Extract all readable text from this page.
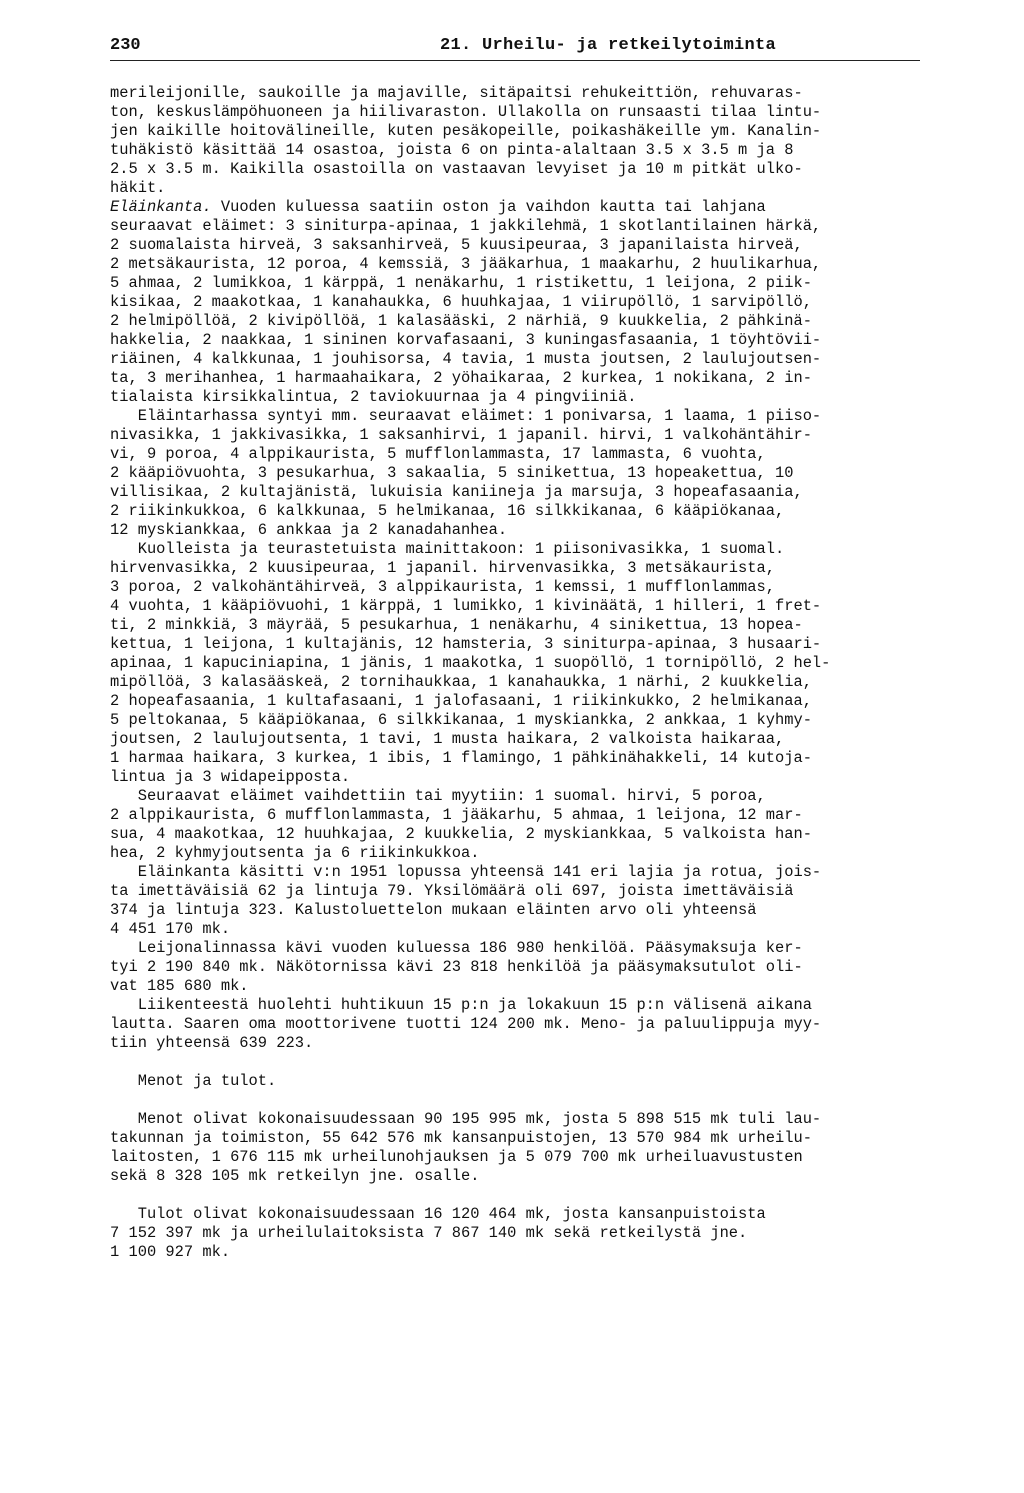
230	21. Urheilu- ja retkeilytoiminta
merileijonille, saukoille ja majaville, sitäpaitsi rehukeittiön, rehuvaras-
ton, keskuslämpöhuoneen ja hiilivaraston. Ullakolla on runsaasti tilaa lintu-
jen kaikille hoitovälineille, kuten pesäkopeille, poikashäkeille ym. Kanalin-
tuhäkistö käsittää 14 osastoa, joista 6 on pinta-alaltaan 3.5 x 3.5 m ja 8
2.5 x 3.5 m. Kaikilla osastoilla on vastaavan levyiset ja 10 m pitkät ulko-
häkit.
Eläinkanta. Vuoden kuluessa saatiin oston ja vaihdon kautta tai lahjana
seuraavat eläimet: 3 siniturpa-apinaa, 1 jakkilehmä, 1 skotlantilainen härkä,
2 suomalaista hirveä, 3 saksanhirveä, 5 kuusipeuraa, 3 japanilaista hirveä,
2 metsäkaurista, 12 poroa, 4 kemssiä, 3 jääkarhua, 1 maakarhu, 2 huulikarhua,
5 ahmaa, 2 lumikkoa, 1 kärppä, 1 nenäkarhu, 1 ristikettu, 1 leijona, 2 piik-
kisikaa, 2 maakotkaa, 1 kanahaukka, 6 huuhkajaa, 1 viirupöllö, 1 sarvipöllö,
2 helmipöllöä, 2 kivipöllöä, 1 kalasääski, 2 närhiä, 9 kuukkelia, 2 pähkinä-
hakkelia, 2 naakkaa, 1 sininen korvafasaani, 3 kuningasfasaania, 1 töyhtövii-
riäinen, 4 kalkkunaa, 1 jouhisorsa, 4 tavia, 1 musta joutsen, 2 laulujoutsen-
ta, 3 merihanhea, 1 harmaahaikara, 2 yöhaikaraa, 2 kurkea, 1 nokikana, 2 in-
tialaista kirsikkalintua, 2 taviokuurnaa ja 4 pingviiniä.
Eläintarhassa syntyi mm. seuraavat eläimet: 1 ponivarsa, 1 laama, 1 piiso-
nivasikka, 1 jakkivasikka, 1 saksanhirvi, 1 japanil. hirvi, 1 valkohäntähir-
vi, 9 poroa, 4 alppikauristа, 5 mufflonlammasta, 17 lammasta, 6 vuohta,
2 kääpiövuohta, 3 pesukarhua, 3 sakaalia, 5 sinikettua, 13 hopeakettua, 10
villisikaa, 2 kultajänistä, lukuisia kaniineja ja marsuja, 3 hopeafasaania,
2 riikinkukkoa, 6 kalkkunaa, 5 helmikanaa, 16 silkkikanaa, 6 kääpiökanaa,
12 myskiankkaa, 6 ankkaa ja 2 kanadahanhea.
Kuolleista ja teurastetuista mainittakoon: 1 piisonivasikka, 1 suomal.
hirvenvasikka, 2 kuusipeuraa, 1 japanil. hirvenvasikka, 3 metsäkauristа,
3 poroa, 2 valkohäntähirveä, 3 alppikauristа, 1 kemssi, 1 mufflonlammas,
4 vuohta, 1 kääpiövuohi, 1 kärppä, 1 lumikko, 1 kivinäätä, 1 hilleri, 1 fret-
ti, 2 minkkiä, 3 mäyrää, 5 pesukarhua, 1 nenäkarhu, 4 sinikettua, 13 hopea-
kettua, 1 leijona, 1 kultajänis, 12 hamsteria, 3 siniturpa-apinaa, 3 husaari-
apinaa, 1 kapuciniapina, 1 jänis, 1 maakotka, 1 suopöllö, 1 tornipöllö, 2 hel-
mipöllöä, 3 kalasääskeä, 2 tornihaukkaa, 1 kanahaukka, 1 närhi, 2 kuukkelia,
2 hopeafasaania, 1 kultafasaani, 1 jalofasaani, 1 riikinkukko, 2 helmikanaa,
5 peltokanaa, 5 kääpiökanaa, 6 silkkikanaa, 1 myskiankka, 2 ankkaa, 1 kyhmy-
joutsen, 2 laulujoutsenta, 1 tavi, 1 musta haikara, 2 valkoista haikaraa,
1 harmaa haikara, 3 kurkea, 1 ibis, 1 flamingo, 1 pähkinähakkeli, 14 kutoja-
lintua ja 3 widapeipposta.
Seuraavat eläimet vaihdettiin tai myytiin: 1 suomal. hirvi, 5 poroa,
2 alppikauristа, 6 mufflonlammasta, 1 jääkarhu, 5 ahmaa, 1 leijona, 12 mar-
sua, 4 maakotkaa, 12 huuhkajaa, 2 kuukkelia, 2 myskiankkaa, 5 valkoista han-
hea, 2 kyhmyjoutsenta ja 6 riikinkukkoa.
Eläinkanta käsitti v:n 1951 lopussa yhteensä 141 eri lajia ja rotua, jois-
ta imettäväisiä 62 ja lintuja 79. Yksilömäärä oli 697, joista imettäväisiä
374 ja lintuja 323. Kalustoluettelon mukaan eläinten arvo oli yhteensä
4 451 170 mk.
Leijonalinnassa kävi vuoden kuluessa 186 980 henkilöä. Pääsymaksuja ker-
tyi 2 190 840 mk. Näkötornissa kävi 23 818 henkilöä ja pääsymaksutulot oli-
vat 185 680 mk.
Liikenteestä huolehti huhtikuun 15 p:n ja lokakuun 15 p:n välisenä aikana
lautta. Saaren oma moottorivene tuotti 124 200 mk. Meno- ja paluulippuja myy-
tiin yhteensä 639 223.
Menot ja tulot.
Menot olivat kokonaisuudessaan 90 195 995 mk, josta 5 898 515 mk tuli lau-
takunnan ja toimiston, 55 642 576 mk kansanpuistojen, 13 570 984 mk urheilu-
laitosten, 1 676 115 mk urheilunohjauksen ja 5 079 700 mk urheiluavustusten
sekä 8 328 105 mk retkeilyn jne. osalle.
Tulot olivat kokonaisuudessaan 16 120 464 mk, josta kansanpuistoista
7 152 397 mk ja urheilulaitoksista 7 867 140 mk sekä retkeilystä jne.
1 100 927 mk.
